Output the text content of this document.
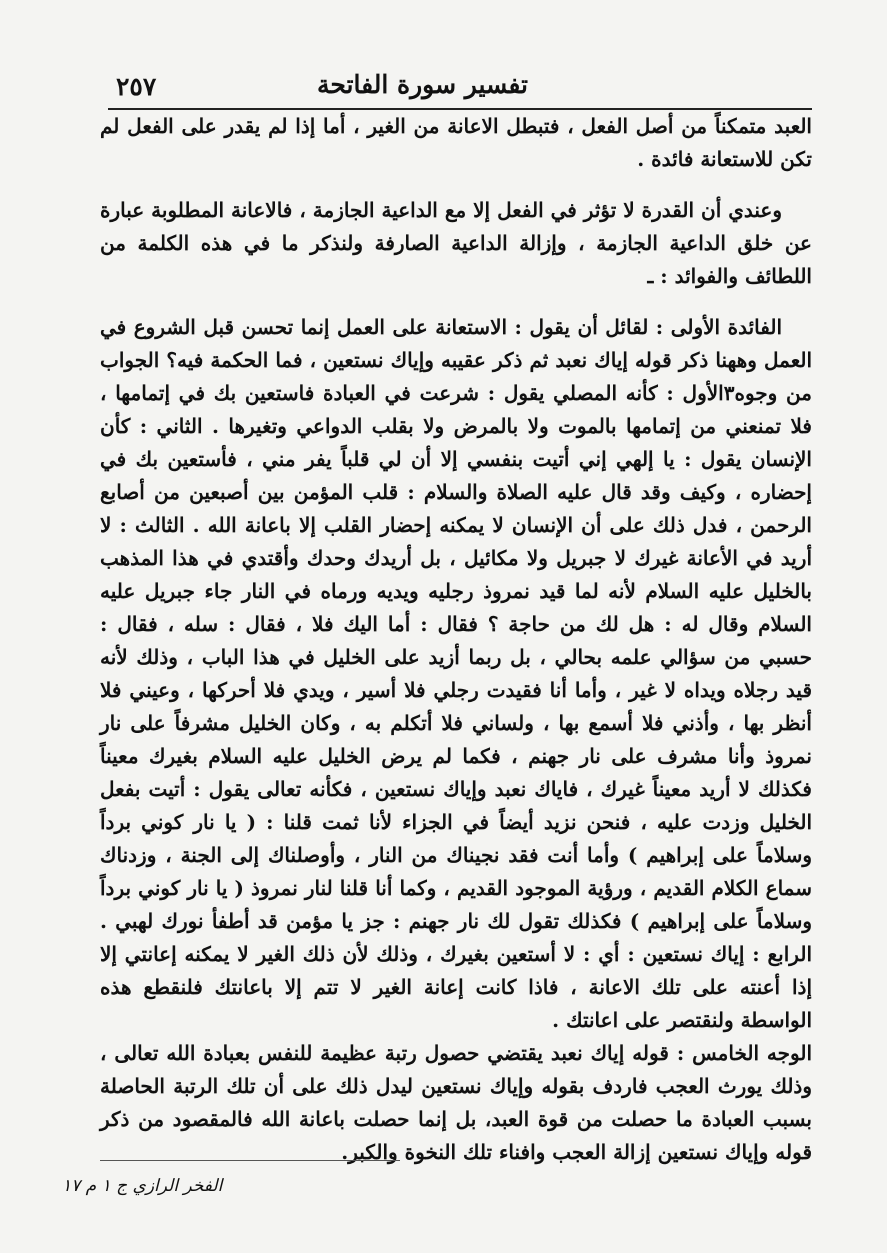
٢٥٧	تفسير سورة الفاتحة

العبد متمكناً من أصل الفعل ، فتبطل الاعانة من الغير ، أما إذا لم يقدر على الفعل لم تكن للاستعانة فائدة .

وعندي أن القدرة لا تؤثر في الفعل إلا مع الداعية الجازمة ، فالاعانة المطلوبة عبارة عن خلق الداعية الجازمة ، وإزالة الداعية الصارفة ولنذكر ما في هذه الكلمة من اللطائف والفوائد : ـ

الفائدة الأولى : لقائل أن يقول : الاستعانة على العمل إنما تحسن قبل الشروع في العمل وههنا ذكر قوله إياك نعبد ثم ذكر عقيبه وإياك نستعين ، فما الحكمة فيه؟ الجواب من وجوه٣الأول : كأنه المصلي يقول : شرعت في العبادة فاستعين بك في إتمامها ، فلا تمنعني من إتمامها بالموت ولا بالمرض ولا بقلب الدواعي وتغيرها . الثاني : كأن الإنسان يقول : يا إلهي إني أتيت بنفسي إلا أن لي قلباً يفر مني ، فأستعين بك في إحضاره ، وكيف وقد قال عليه الصلاة والسلام : قلب المؤمن بين أصبعين من أصابع الرحمن ، فدل ذلك على أن الإنسان لا يمكنه إحضار القلب إلا باعانة الله . الثالث : لا أريد في الأعانة غيرك لا جبريل ولا مكائيل ، بل أريدك وحدك وأقتدي في هذا المذهب بالخليل عليه السلام لأنه لما قيد نمروذ رجليه ويديه ورماه في النار جاء جبريل عليه السلام وقال له : هل لك من حاجة ؟ فقال : أما اليك فلا ، فقال : سله ، فقال : حسبي من سؤالي علمه بحالي ، بل ربما أزيد على الخليل في هذا الباب ، وذلك لأنه قيد رجلاه ويداه لا غير ، وأما أنا فقيدت رجلي فلا أسير ، ويدي فلا أحركها ، وعيني فلا أنظر بها ، وأذني فلا أسمع بها ، ولساني فلا أتكلم به ، وكان الخليل مشرفاً على نار نمروذ وأنا مشرف على نار جهنم ، فكما لم يرض الخليل عليه السلام بغيرك معيناً فكذلك لا أريد معيناً غيرك ، فاياك نعبد وإياك نستعين ، فكأنه تعالى يقول : أتيت بفعل الخليل وزدت عليه ، فنحن نزيد أيضاً في الجزاء لأنا ثمت قلنا : ( يا نار كوني برداً وسلاماً على إبراهيم ) وأما أنت فقد نجيناك من النار ، وأوصلناك إلى الجنة ، وزدناك سماع الكلام القديم ، ورؤية الموجود القديم ، وكما أنا قلنا لنار نمروذ ( يا نار كوني برداً وسلاماً على إبراهيم ) فكذلك تقول لك نار جهنم : جز يا مؤمن قد أطفأ نورك لهبي . الرابع : إياك نستعين : أي : لا أستعين بغيرك ، وذلك لأن ذلك الغير لا يمكنه إعانتي إلا إذا أعنته على تلك الاعانة ، فاذا كانت إعانة الغير لا تتم إلا باعانتك فلنقطع هذه الواسطة ولنقتصر على اعانتك .

الوجه الخامس : قوله إياك نعبد يقتضي حصول رتبة عظيمة للنفس بعبادة الله تعالى ، وذلك يورث العجب فاردف بقوله وإياك نستعين ليدل ذلك على أن تلك الرتبة الحاصلة بسبب العبادة ما حصلت من قوة العبد، بل إنما حصلت باعانة الله فالمقصود من ذكر قوله وإياك نستعين إزالة العجب وافناء تلك النخوة والكبر.

الفخر الرازي ج ١ م ١٧
